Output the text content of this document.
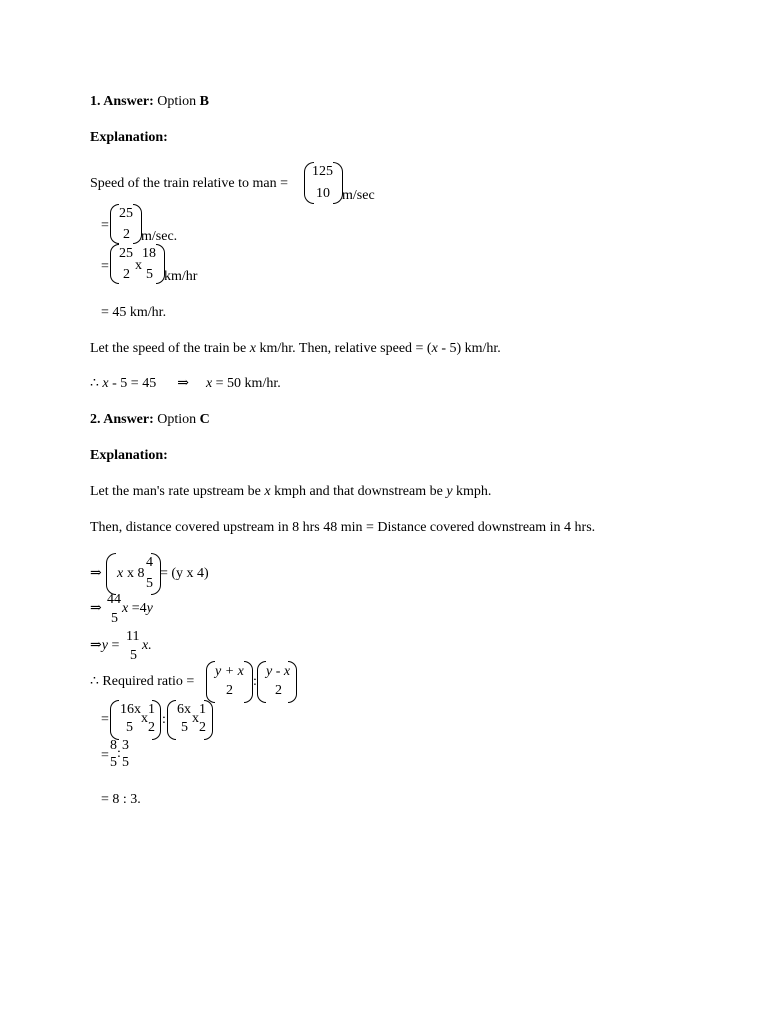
1. Answer: Option B
Explanation:
Speed of the train relative to man =
125
10 m/sec
=
25
2 m/sec.
=
25
2
x
18
5 km/hr
= 45 km/hr.
Let the speed of the train be x km/hr. Then, relative speed = (x - 5) km/hr.
∴ x - 5 = 45 ⇒ x = 50 km/hr.
2. Answer: Option C
Explanation:
Let the man's rate upstream be x kmph and that downstream be y kmph.
Then, distance covered upstream in 8 hrs 48 min = Distance covered downstream in 4 hrs.
⇒ x x 8
4
5
= (y x 4)
⇒
44
5
x =4y
⇒y =
11
5
x.
∴ Required ratio =
y + x
2
:
y - x
2
=
16x
5
x
1
2
:
6x
5
x
1
2
=
8
5
:
3
5
= 8 : 3.
